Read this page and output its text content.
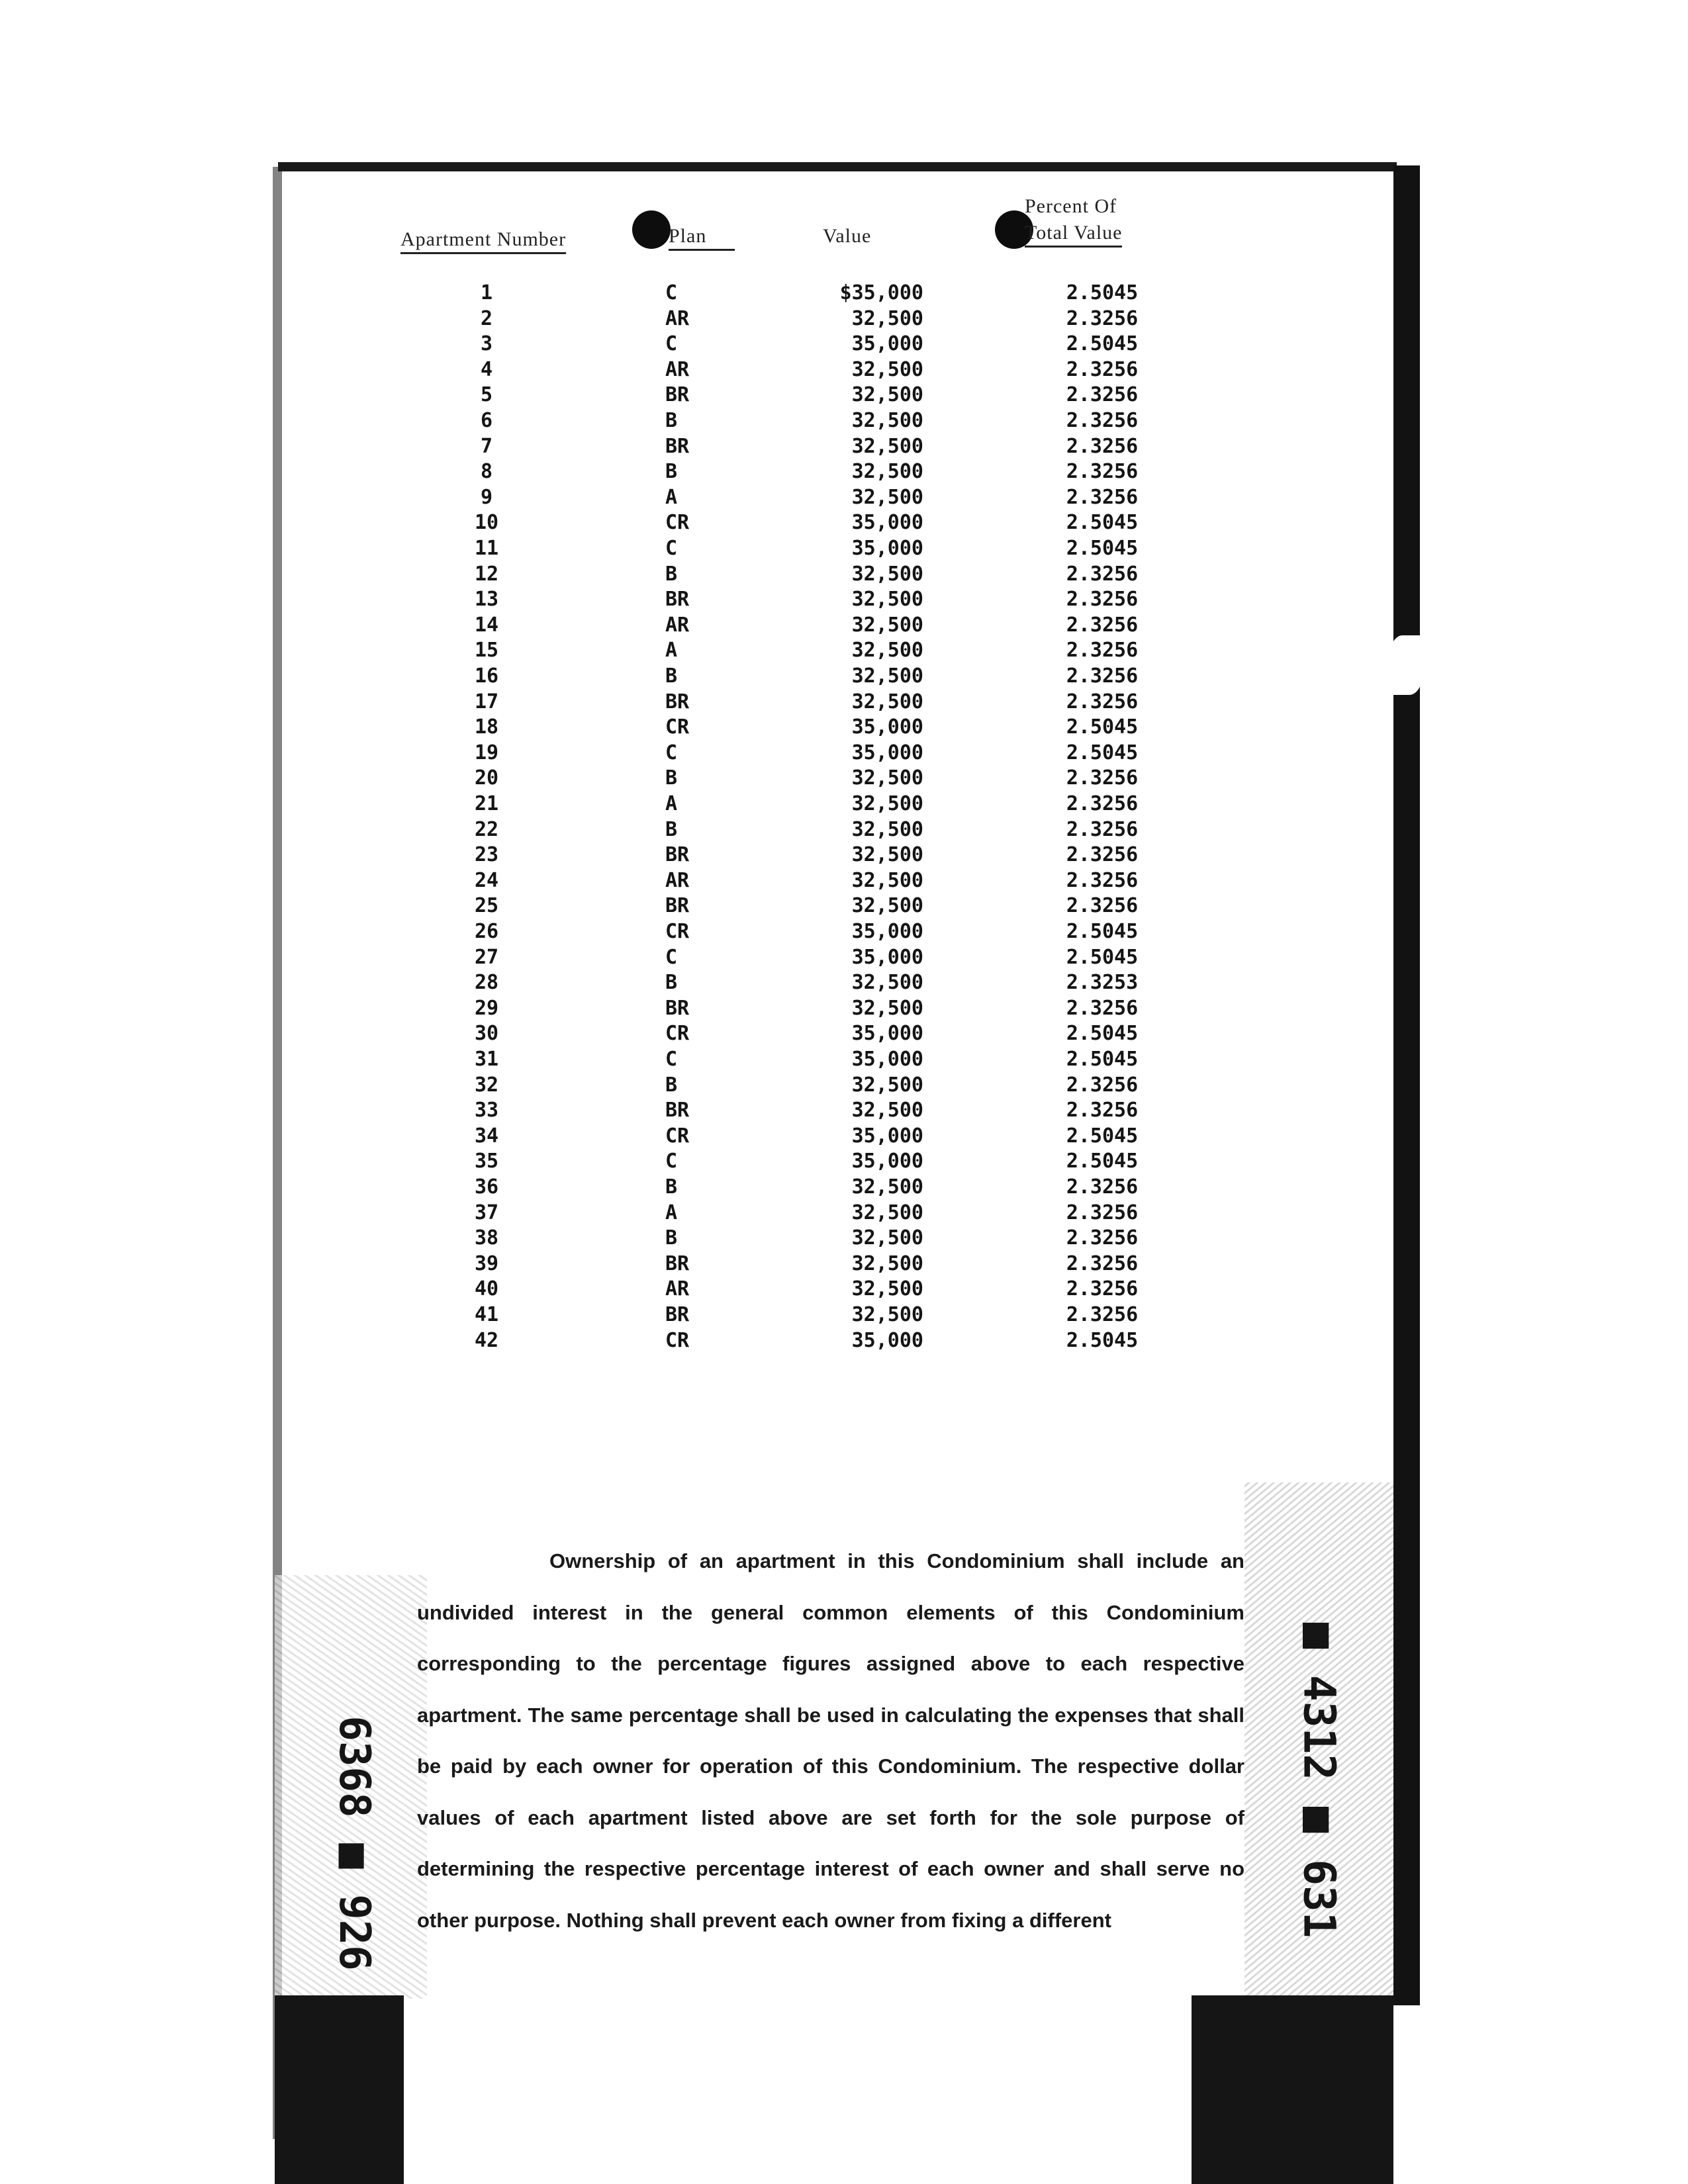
6368 ■ 926	■ 4312 ■ 631
Apartment Number	Plan	Value
Percent Of
Total Value
1	C	$35,000	2.5045
2	AR	32,500	2.3256
3	C	35,000	2.5045
4	AR	32,500	2.3256
5	BR	32,500	2.3256
6	B	32,500	2.3256
7	BR	32,500	2.3256
8	B	32,500	2.3256
9	A	32,500	2.3256
10	CR	35,000	2.5045
11	C	35,000	2.5045
12	B	32,500	2.3256
13	BR	32,500	2.3256
14	AR	32,500	2.3256
15	A	32,500	2.3256
16	B	32,500	2.3256
17	BR	32,500	2.3256
18	CR	35,000	2.5045
19	C	35,000	2.5045
20	B	32,500	2.3256
21	A	32,500	2.3256
22	B	32,500	2.3256
23	BR	32,500	2.3256
24	AR	32,500	2.3256
25	BR	32,500	2.3256
26	CR	35,000	2.5045
27	C	35,000	2.5045
28	B	32,500	2.3253
29	BR	32,500	2.3256
30	CR	35,000	2.5045
31	C	35,000	2.5045
32	B	32,500	2.3256
33	BR	32,500	2.3256
34	CR	35,000	2.5045
35	C	35,000	2.5045
36	B	32,500	2.3256
37	A	32,500	2.3256
38	B	32,500	2.3256
39	BR	32,500	2.3256
40	AR	32,500	2.3256
41	BR	32,500	2.3256
42	CR	35,000	2.5045
Ownership of an apartment in this Condominium shall include an undivided interest in the general common elements of this Condominium corresponding to the percentage figures assigned above to each respective apartment. The same percentage shall be used in calculating the expenses that shall be paid by each owner for operation of this Condominium. The respective dollar values of each apartment listed above are set forth for the sole purpose of determining the respective percentage interest of each owner and shall serve no other purpose. Nothing shall prevent each owner from fixing a different
